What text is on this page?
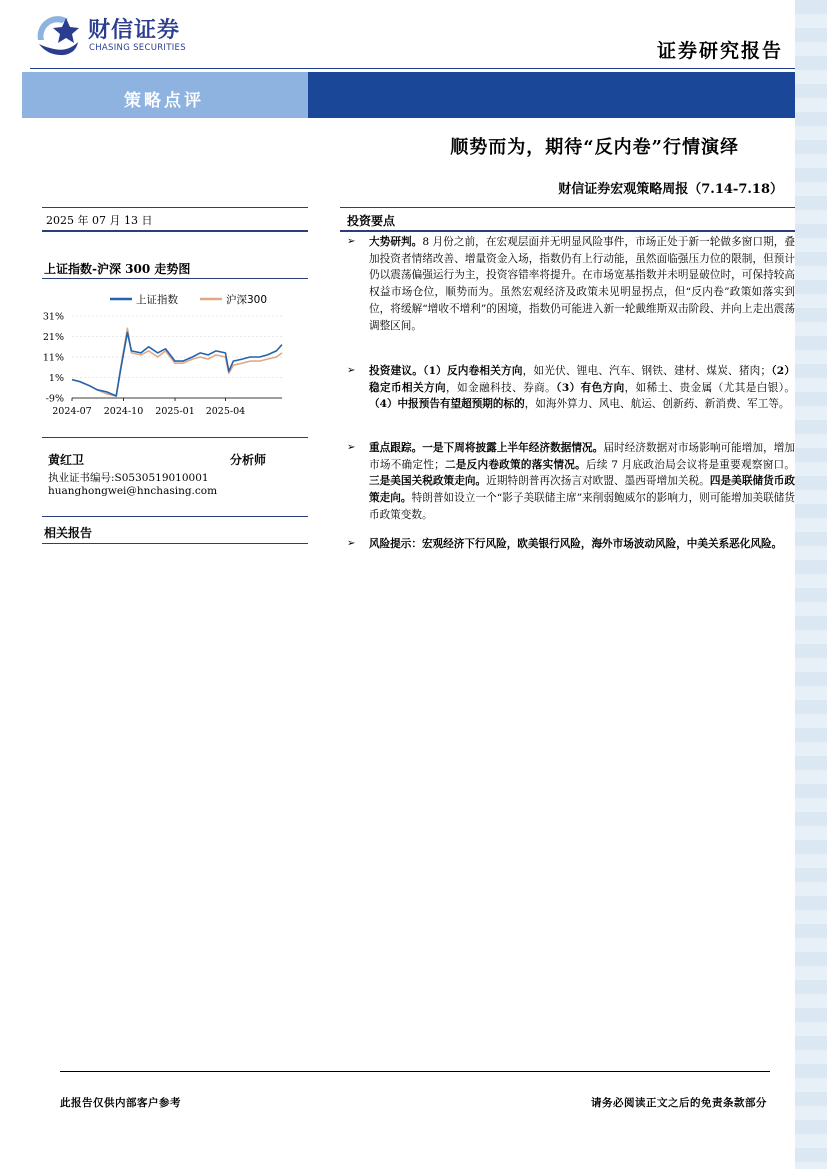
财信证券
CHASING SECURITIES	证券研究报告
策略点评
顺势而为，期待“反内卷”行情演绎
财信证券宏观策略周报（7.14-7.18）
2025 年 07 月 13 日
上证指数-沪深 300 走势图
31%
21%
11%
1%
-9%
2024-07 2024-10 2025-01 2025-04
上证指数	沪深300
黄红卫	分析师
执业证书编号:S0530519010001
huanghongwei@hnchasing.com
相关报告
投资要点
➢	大势研判。8 月份之前，在宏观层面并无明显风险事件，市场正处于新一轮做多窗口期，叠加投资者情绪改善、增量资金入场，指数仍有上行动能，虽然面临强压力位的限制，但预计仍以震荡偏强运行为主，投资容错率将提升。在市场宽基指数并未明显破位时，可保持较高权益市场仓位，顺势而为。虽然宏观经济及政策未见明显拐点，但“反内卷”政策如落实到位，将缓解“增收不增利”的困境，指数仍可能进入新一轮戴维斯双击阶段、并向上走出震荡调整区间。
➢	投资建议。（1）反内卷相关方向，如光伏、锂电、汽车、钢铁、建材、煤炭、猪肉；（2）稳定币相关方向，如金融科技、券商。（3）有色方向，如稀土、贵金属（尤其是白银）。（4）中报预告有望超预期的标的，如海外算力、风电、航运、创新药、新消费、军工等。
➢	重点跟踪。一是下周将披露上半年经济数据情况。届时经济数据对市场影响可能增加，增加市场不确定性；二是反内卷政策的落实情况。后续 7 月底政治局会议将是重要观察窗口。三是美国关税政策走向。近期特朗普再次扬言对欧盟、墨西哥增加关税。四是美联储货币政策走向。特朗普如设立一个“影子美联储主席”来削弱鲍威尔的影响力，则可能增加美联储货币政策变数。
➢	风险提示：宏观经济下行风险，欧美银行风险，海外市场波动风险，中美关系恶化风险。
此报告仅供内部客户参考	请务必阅读正文之后的免责条款部分
